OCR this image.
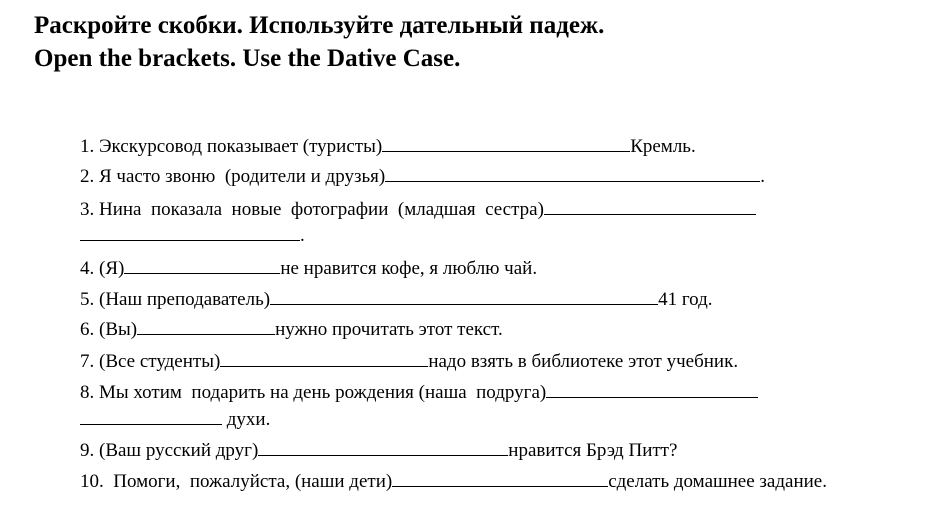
Раскройте скобки. Используйте дательный падеж.
Open the brackets. Use the Dative Case.
1. Экскурсовод показывает (туристы)	Кремль.
2. Я часто звоню  (родители и друзья)	.
3. Нина  показала  новые  фотографии  (младшая  сестра)
.
4. (Я)	не нравится кофе, я люблю чай.
5. (Наш преподаватель)	41 год.
6. (Вы)	нужно прочитать этот текст.
7. (Все студенты)	надо взять в библиотеке этот учебник.
8. Мы хотим  подарить на день рождения (наша  подруга)
духи.
9. (Ваш русский друг)	нравится Брэд Питт?
10.  Помоги,  пожалуйста, (наши дети)	сделать домашнее задание.
